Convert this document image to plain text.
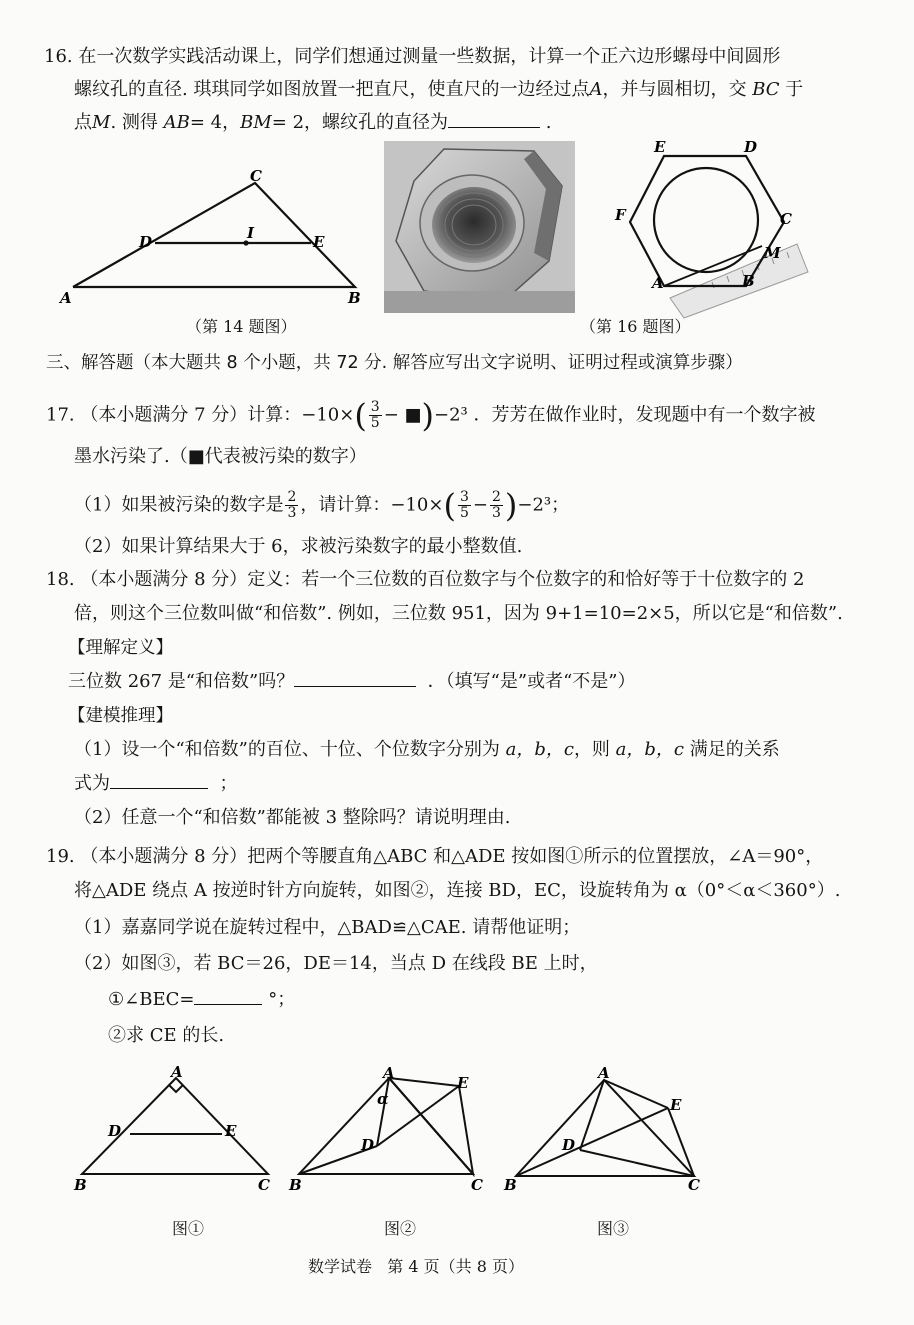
16. 在一次数学实践活动课上，同学们想通过测量一些数据，计算一个正六边形螺母中间圆形
螺纹孔的直径. 琪琪同学如图放置一把直尺，使直尺的一边经过点A，并与圆相切，交 BC 于
点M. 测得 AB= 4，BM= 2，螺纹孔的直径为	.
A	B
C
D	E
I
（第 14 题图）
E	D
F	C
M
A	B
（第 16 题图）
三、解答题（本大题共 8 个小题，共 72 分. 解答应写出文字说明、证明过程或演算步骤）
17. （本小题满分 7 分）计算：$-10\times( \frac{3}{5}$ − ■)−2³ ．芳芳在做作业时，发现题中有一个数字被
墨水污染了.（■代表被污染的数字）
（1）如果被污染的数字是 $\frac{2}{3}$ ，请计算：$-10\times( \frac{3}{5} - \frac{2}{3} )-2^3$；
（2）如果计算结果大于 6，求被污染数字的最小整数值.
18. （本小题满分 8 分）定义：若一个三位数的百位数字与个位数字的和恰好等于十位数字的 2
倍，则这个三位数叫做“和倍数”. 例如，三位数 951，因为 9+1=10=2×5，所以它是“和倍数”.
【理解定义】
三位数 267 是“和倍数”吗？	．（填写“是”或者“不是”）
【建模推理】
（1）设一个“和倍数”的百位、十位、个位数字分别为 a，b，c，则 a，b，c 满足的关系
式为	；
（2）任意一个“和倍数”都能被 3 整除吗？请说明理由.
19. （本小题满分 8 分）把两个等腰直角△ABC 和△ADE 按如图①所示的位置摆放，∠A＝90°，
将△ADE 绕点 A 按逆时针方向旋转，如图②，连接 BD，EC，设旋转角为 α（0°＜α＜360°）.
（1）嘉嘉同学说在旋转过程中，△BAD≌△CAE. 请帮他证明；
（2）如图③，若 BC＝26，DE＝14，当点 D 在线段 BE 上时，
①∠BEC=	°；
②求 CE 的长.
A
B	C
D	E
图①
A
α
B	C
D
E
图②
A
B	C
D
E
图③
数学试卷   第 4 页（共 8 页）
